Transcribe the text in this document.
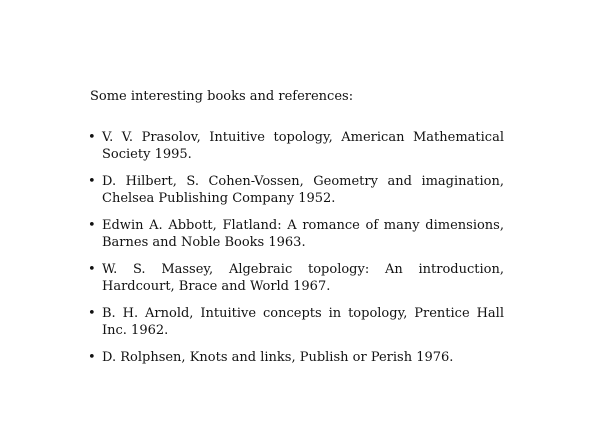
Some interesting books and references:

• V. V. Prasolov, Intuitive topology, American Mathematical Society 1995.
• D. Hilbert, S. Cohen-Vossen, Geometry and imagination, Chelsea Publishing Company 1952.
• Edwin A. Abbott, Flatland: A romance of many dimensions, Barnes and Noble Books 1963.
• W. S. Massey, Algebraic topology: An introduction, Hardcourt, Brace and World 1967.
• B. H. Arnold, Intuitive concepts in topology, Prentice Hall Inc. 1962.
• D. Rolphsen, Knots and links, Publish or Perish 1976.
